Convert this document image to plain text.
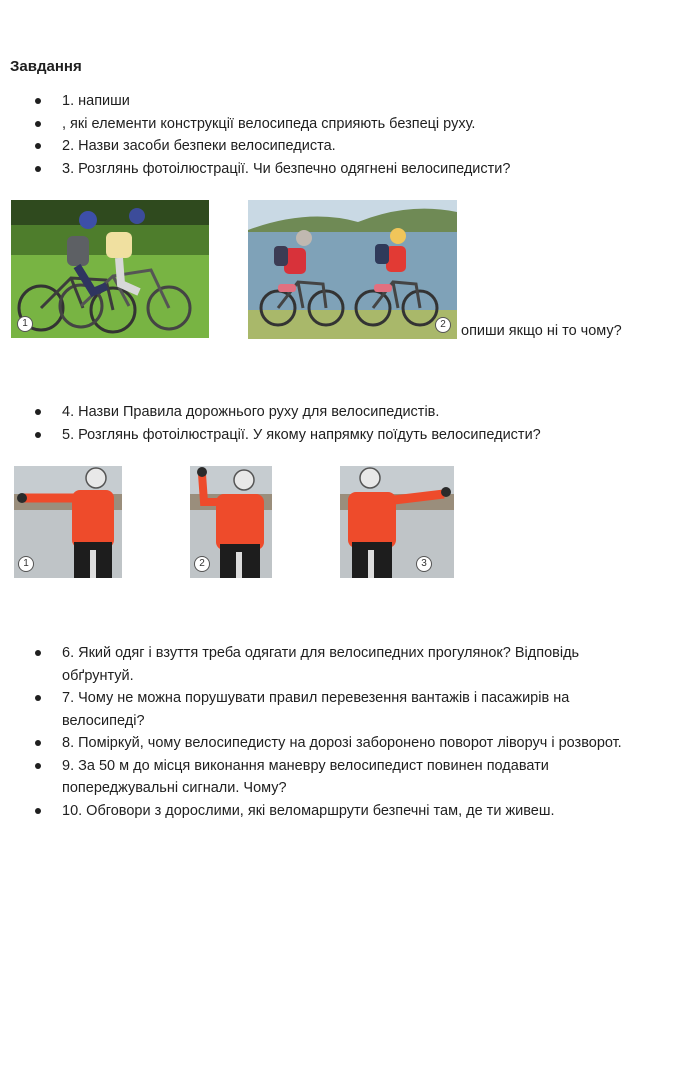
Завдання
1. напиши
, які елементи конструкції велосипеда сприяють безпеці руху.
2. Назви засоби безпеки велосипедиста.
3. Розглянь фотоілюстрації. Чи безпечно одягнені велосипедисти?
1	2	опиши якщо ні то чому?
4. Назви Правила дорожнього руху для велосипедистів.
5. Розглянь фотоілюстрації. У якому напрямку поїдуть велосипедисти?
1	2	3
6. Який одяг і взуття треба одягати для велосипедних прогулянок? Відповідь обґрунтуй.
7. Чому не можна порушувати правил перевезення вантажів і пасажирів на велосипеді?
8. Поміркуй, чому велосипедисту на дорозі заборонено поворот ліворуч і розворот.
9. За 50 м до місця виконання маневру велосипедист повинен подавати попереджувальні сигнали. Чому?
10. Обговори з дорослими, які веломаршрути безпечні там, де ти живеш.
